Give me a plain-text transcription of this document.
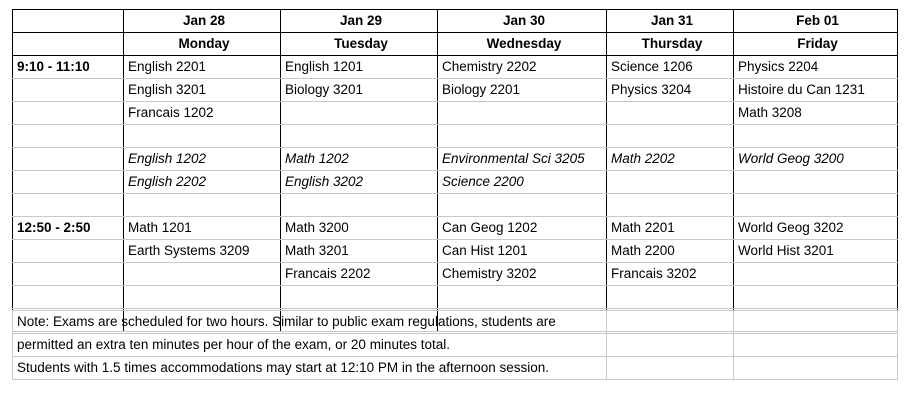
	Jan 28	Jan 29	Jan 30	Jan 31	Feb 01
	Monday	Tuesday	Wednesday	Thursday	Friday
9:10 - 11:10	English 2201	English 1201	Chemistry 2202	Science 1206	Physics 2204
	English 3201	Biology 3201	Biology 2201	Physics 3204	Histoire du Can 1231
	Francais 1202				Math 3208

	English 1202	Math 1202	Environmental Sci 3205	Math 2202	World Geog 3200
	English 2202	English 3202	Science 2200		

12:50 - 2:50	Math 1201	Math 3200	Can Geog 1202	Math 2201	World Geog 3202
	Earth Systems 3209	Math 3201	Can Hist 1201	Math 2200	World Hist 3201
		Francais 2202	Chemistry 3202	Francais 3202	

Note: Exams are scheduled for two hours. Similar to public exam regulations, students are		
permitted an extra ten minutes per hour of the exam, or 20 minutes total.		
Students with 1.5 times accommodations may start at 12:10 PM in the afternoon session.		
